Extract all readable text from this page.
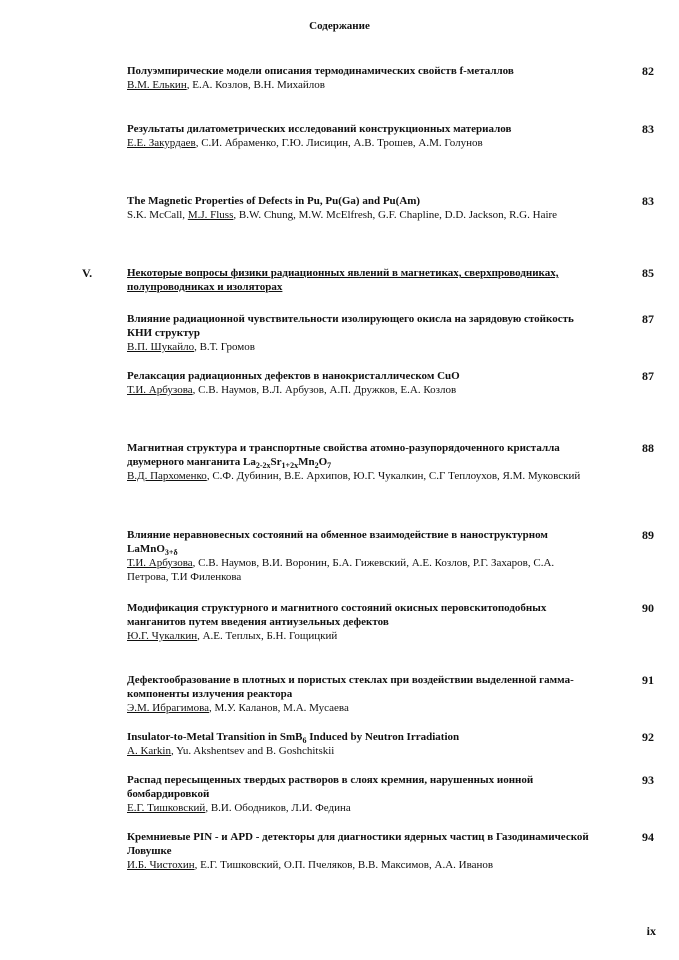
Содержание
Полуэмпирические модели описания термодинамических свойств f-металлов
В.М. Елькин, Е.А. Козлов, В.Н. Михайлов
82
Результаты дилатометрических исследований конструкционных материалов
Е.Е. Закурдаев, С.И. Абраменко, Г.Ю. Лисицин, А.В. Трошев, А.М. Голунов
83
The Magnetic Properties of Defects in Pu, Pu(Ga) and Pu(Am)
S.K. McCall, M.J. Fluss, B.W. Chung, M.W. McElfresh, G.F. Chapline, D.D. Jackson, R.G. Haire
83
V.	Некоторые вопросы физики радиационных явлений в магнетиках, сверхпроводниках, полупроводниках и изоляторах
85
Влияние радиационной чувствительности изолирующего окисла на зарядовую стойкость КНИ структур
В.П. Шукайло, В.Т. Громов
87
Релаксация радиационных дефектов в нанокристаллическом CuO
Т.И. Арбузова, С.В. Наумов, В.Л. Арбузов, А.П. Дружков, Е.А. Козлов
87
Магнитная структура и транспортные свойства атомно-разупорядоченного кристалла двумерного манганита $La_{2-2x}Sr_{1+2x}Mn_2O_7$
В.Д. Пархоменко, С.Ф. Дубинин, В.Е. Архипов, Ю.Г. Чукалкин, С.Г Теплоухов, Я.М. Муковский
88
Влияние неравновесных состояний на обменное взаимодействие в наноструктурном LaMnO$_{3+\delta}$
Т.И. Арбузова, С.В. Наумов, В.И. Воронин, Б.А. Гижевский, А.Е. Козлов, Р.Г. Захаров, С.А. Петрова, Т.И Филенкова
89
Модификация структурного и магнитного состояний окисных перовскитоподобных манганитов путем введения антиузельных дефектов
Ю.Г. Чукалкин, А.Е. Теплых, Б.Н. Гощицкий
90
Дефектообразование в плотных и пористых стеклах при воздействии выделенной гамма-компоненты излучения реактора
Э.М. Ибрагимова, М.У. Каланов, М.А. Мусаева
91
Insulator-to-Metal Transition in SmB$_6$ Induced by Neutron Irradiation
A. Karkin, Yu. Akshentsev and B. Goshchitskii
92
Распад пересыщенных твердых растворов в слоях кремния, нарушенных ионной бомбардировкой
Е.Г. Тишковский, В.И. Ободников, Л.И. Федина
93
Кремниевые PIN - и APD - детекторы для диагностики ядерных частиц в Газодинамической Ловушке
И.Б. Чистохин, Е.Г. Тишковский, О.П. Пчеляков, В.В. Максимов, А.А. Иванов
94
ix
